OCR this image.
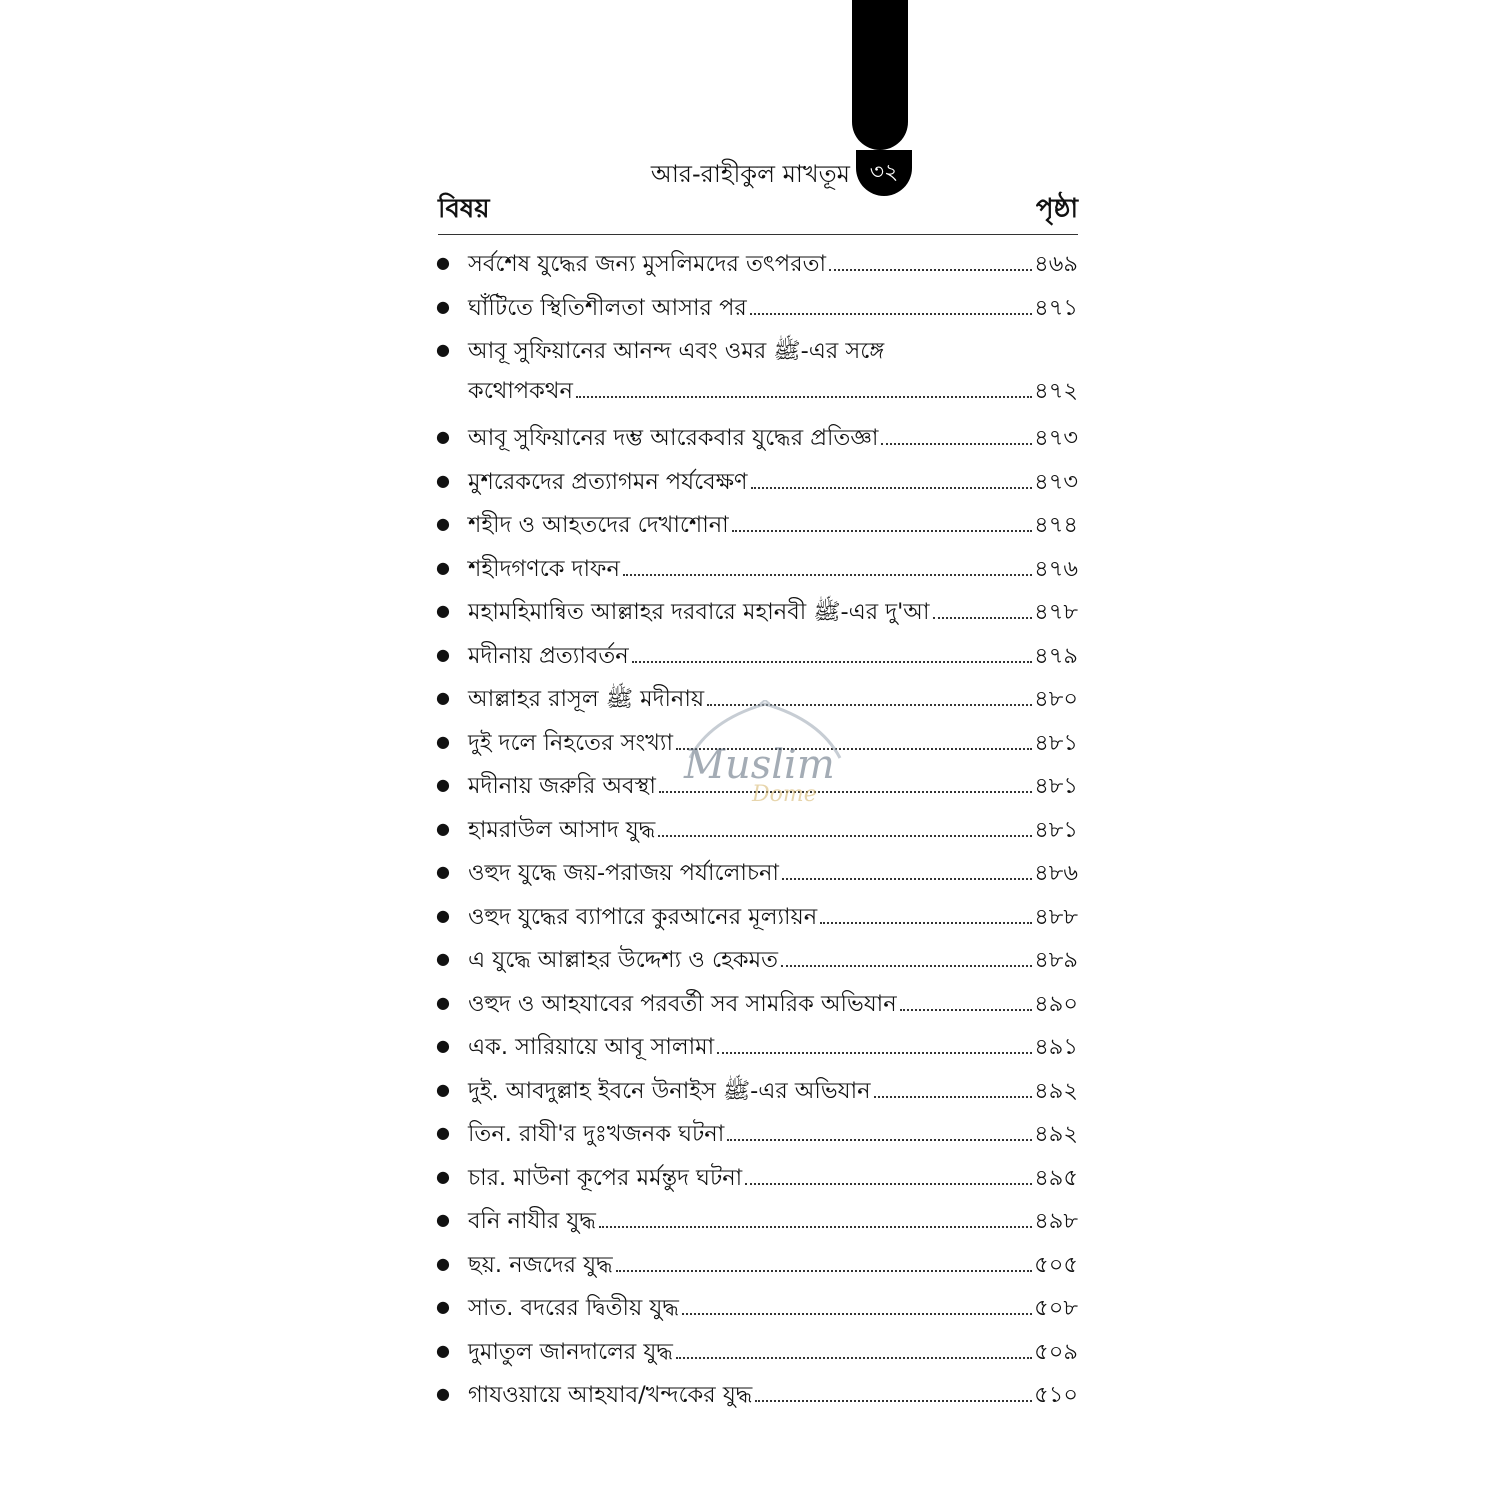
আর-রাহীকুল মাখতূম ৩২
বিষয়	পৃষ্ঠা
● সর্বশেষ যুদ্ধের জন্য মুসলিমদের তৎপরতা	৪৬৯
● ঘাঁটিতে স্থিতিশীলতা আসার পর	৪৭১
● আবূ সুফিয়ানের আনন্দ এবং ওমর ﷺ-এর সঙ্গে
কথোপকথন	৪৭২
● আবূ সুফিয়ানের দম্ভ আরেকবার যুদ্ধের প্রতিজ্ঞা	৪৭৩
● মুশরেকদের প্রত্যাগমন পর্যবেক্ষণ	৪৭৩
● শহীদ ও আহতদের দেখাশোনা	৪৭৪
● শহীদগণকে দাফন	৪৭৬
● মহামহিমান্বিত আল্লাহর দরবারে মহানবী ﷺ-এর দু'আ	৪৭৮
● মদীনায় প্রত্যাবর্তন	৪৭৯
● আল্লাহর রাসূল ﷺ মদীনায়	৪৮০
● দুই দলে নিহতের সংখ্যা	৪৮১
● মদীনায় জরুরি অবস্থা	৪৮১
● হামরাউল আসাদ যুদ্ধ	৪৮১
● ওহুদ যুদ্ধে জয়-পরাজয় পর্যালোচনা	৪৮৬
● ওহুদ যুদ্ধের ব্যাপারে কুরআনের মূল্যায়ন	৪৮৮
● এ যুদ্ধে আল্লাহর উদ্দেশ্য ও হেকমত	৪৮৯
● ওহুদ ও আহযাবের পরবর্তী সব সামরিক অভিযান	৪৯০
● এক. সারিয়ায়ে আবূ সালামা	৪৯১
● দুই. আবদুল্লাহ ইবনে উনাইস ﷺ-এর অভিযান	৪৯২
● তিন. রাযী'র দুঃখজনক ঘটনা	৪৯২
● চার. মাউনা কূপের মর্মন্তুদ ঘটনা	৪৯৫
● বনি নাযীর যুদ্ধ	৪৯৮
● ছয়. নজদের যুদ্ধ	৫০৫
● সাত. বদরের দ্বিতীয় যুদ্ধ	৫০৮
● দুমাতুল জানদালের যুদ্ধ	৫০৯
● গাযওয়ায়ে আহযাব/খন্দকের যুদ্ধ	৫১০
Muslim
Dome
